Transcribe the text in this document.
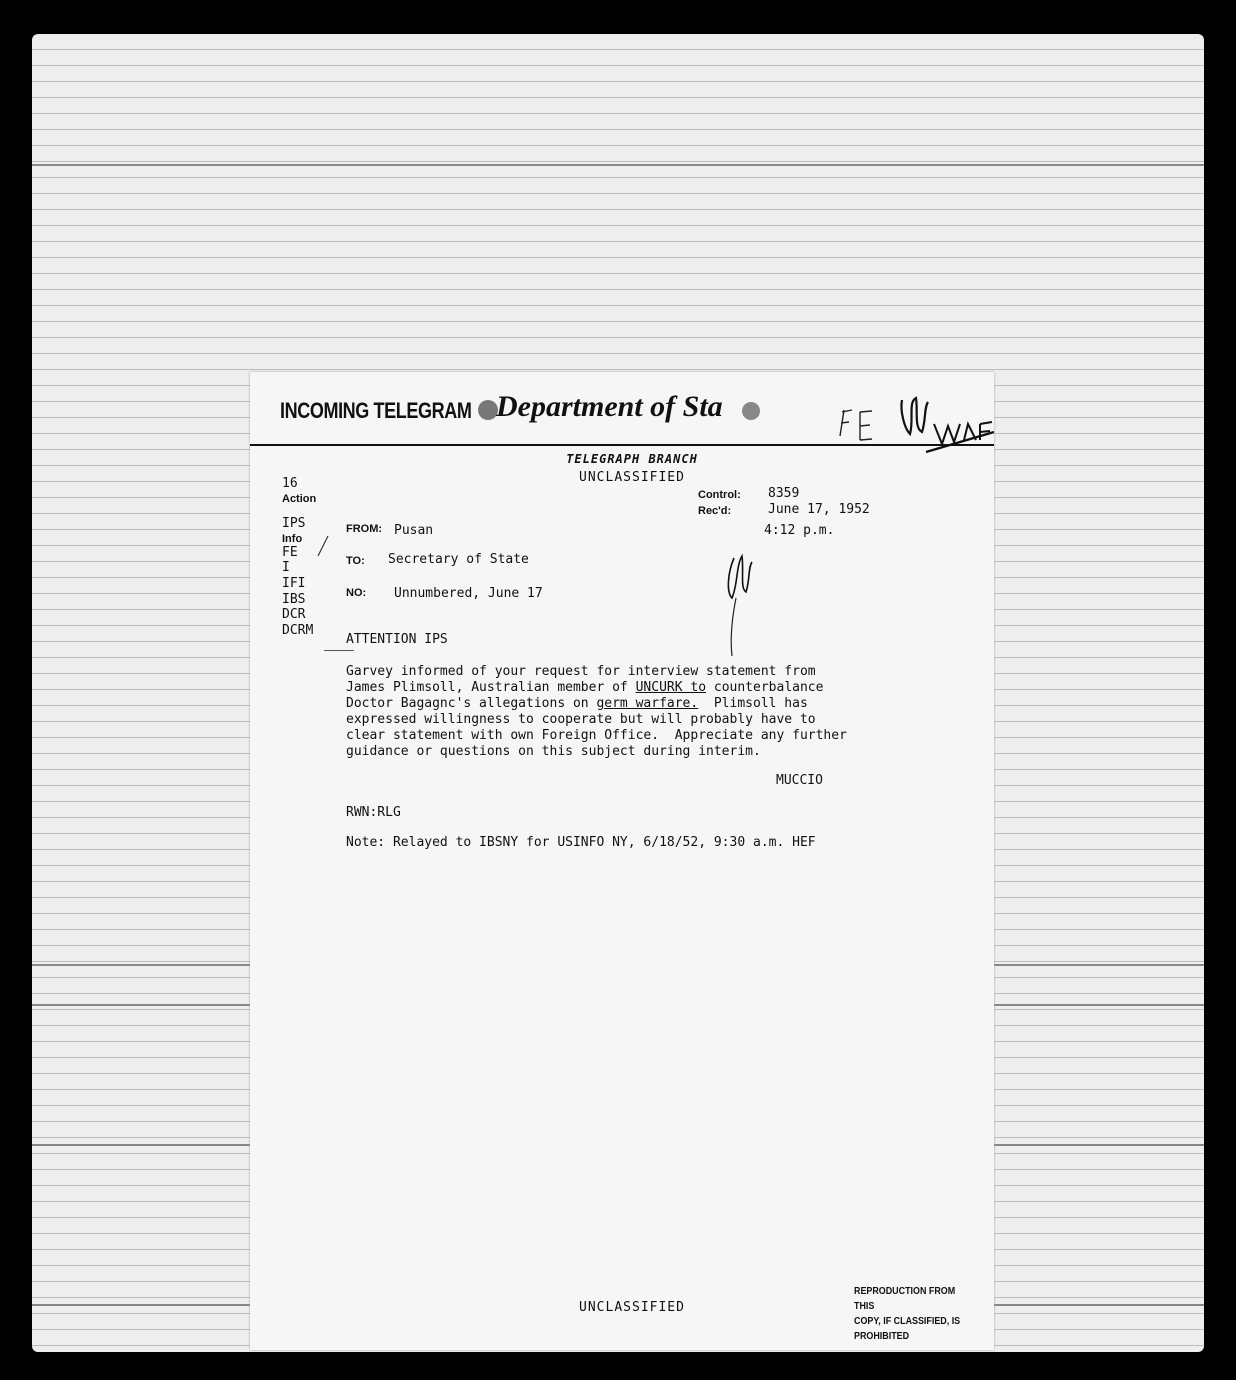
INCOMING TELEGRAM Department of Sta
TELEGRAPH BRANCH
UNCLASSIFIED
16
Action
IPS
Info
FE
I
IFI
IBS
DCR
DCRM
Control: 8359
Rec'd:	June 17, 1952
4:12 p.m.
FROM: Pusan
TO: Secretary of State
NO: Unnumbered, June 17
ATTENTION IPS
Garvey informed of your request for interview statement from
James Plimsoll, Australian member of UNCURK to counterbalance
Doctor Bagagnc's allegations on germ warfare.  Plimsoll has
expressed willingness to cooperate but will probably have to
clear statement with own Foreign Office.  Appreciate any further
guidance or questions on this subject during interim.
MUCCIO
RWN:RLG
Note: Relayed to IBSNY for USINFO NY, 6/18/52, 9:30 a.m. HEF
UNCLASSIFIED
REPRODUCTION FROM THIS
COPY, IF CLASSIFIED, IS
PROHIBITED
